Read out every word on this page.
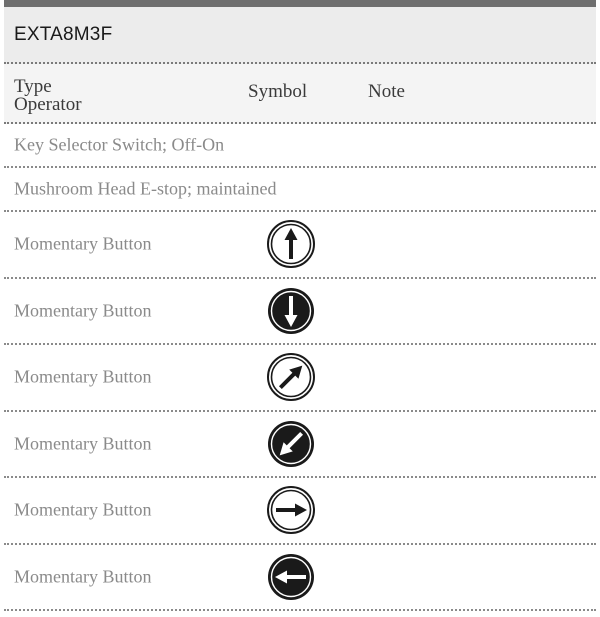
EXTA8M3F
Type
Operator
Symbol	Note
Key Selector Switch; Off-On
Mushroom Head E-stop; maintained
Momentary Button
Momentary Button
Momentary Button
Momentary Button
Momentary Button
Momentary Button
